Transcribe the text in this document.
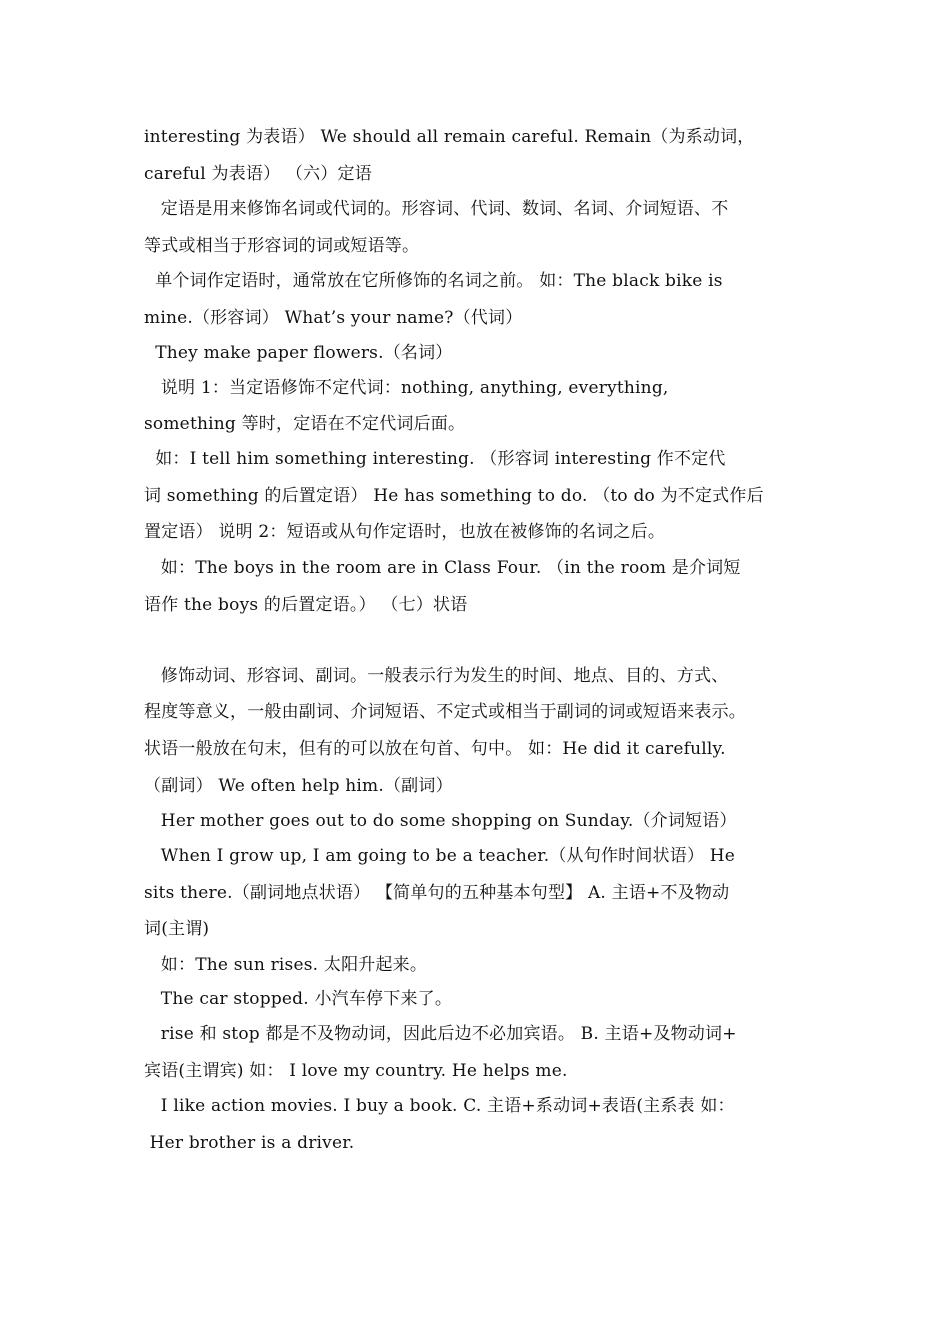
interesting 为表语） We should all remain careful. Remain（为系动词，
careful 为表语） （六）定语
定语是用来修饰名词或代词的。形容词、代词、数词、名词、介词短语、不
等式或相当于形容词的词或短语等。
单个词作定语时，通常放在它所修饰的名词之前。 如：The black bike is
mine.（形容词） What’s your name?（代词）
They make paper flowers.（名词）
说明 1：当定语修饰不定代词：nothing, anything, everything,
something 等时，定语在不定代词后面。
如：I tell him something interesting. （形容词 interesting 作不定代
词 something 的后置定语） He has something to do. （to do 为不定式作后
置定语） 说明 2：短语或从句作定语时，也放在被修饰的名词之后。
如：The boys in the room are in Class Four. （in the room 是介词短
语作 the boys 的后置定语。） （七）状语
修饰动词、形容词、副词。一般表示行为发生的时间、地点、目的、方式、
程度等意义，一般由副词、介词短语、不定式或相当于副词的词或短语来表示。
状语一般放在句末，但有的可以放在句首、句中。 如：He did it carefully.
（副词） We often help him.（副词）
Her mother goes out to do some shopping on Sunday.（介词短语）
When I grow up, I am going to be a teacher.（从句作时间状语） He
sits there.（副词地点状语） 【简单句的五种基本句型】 A. 主语+不及物动
词(主谓)
如：The sun rises. 太阳升起来。
The car stopped. 小汽车停下来了。
rise 和 stop 都是不及物动词，因此后边不必加宾语。 B. 主语+及物动词+
宾语(主谓宾) 如： I love my country. He helps me.
I like action movies. I buy a book. C. 主语+系动词+表语(主系表 如：
Her brother is a driver.
